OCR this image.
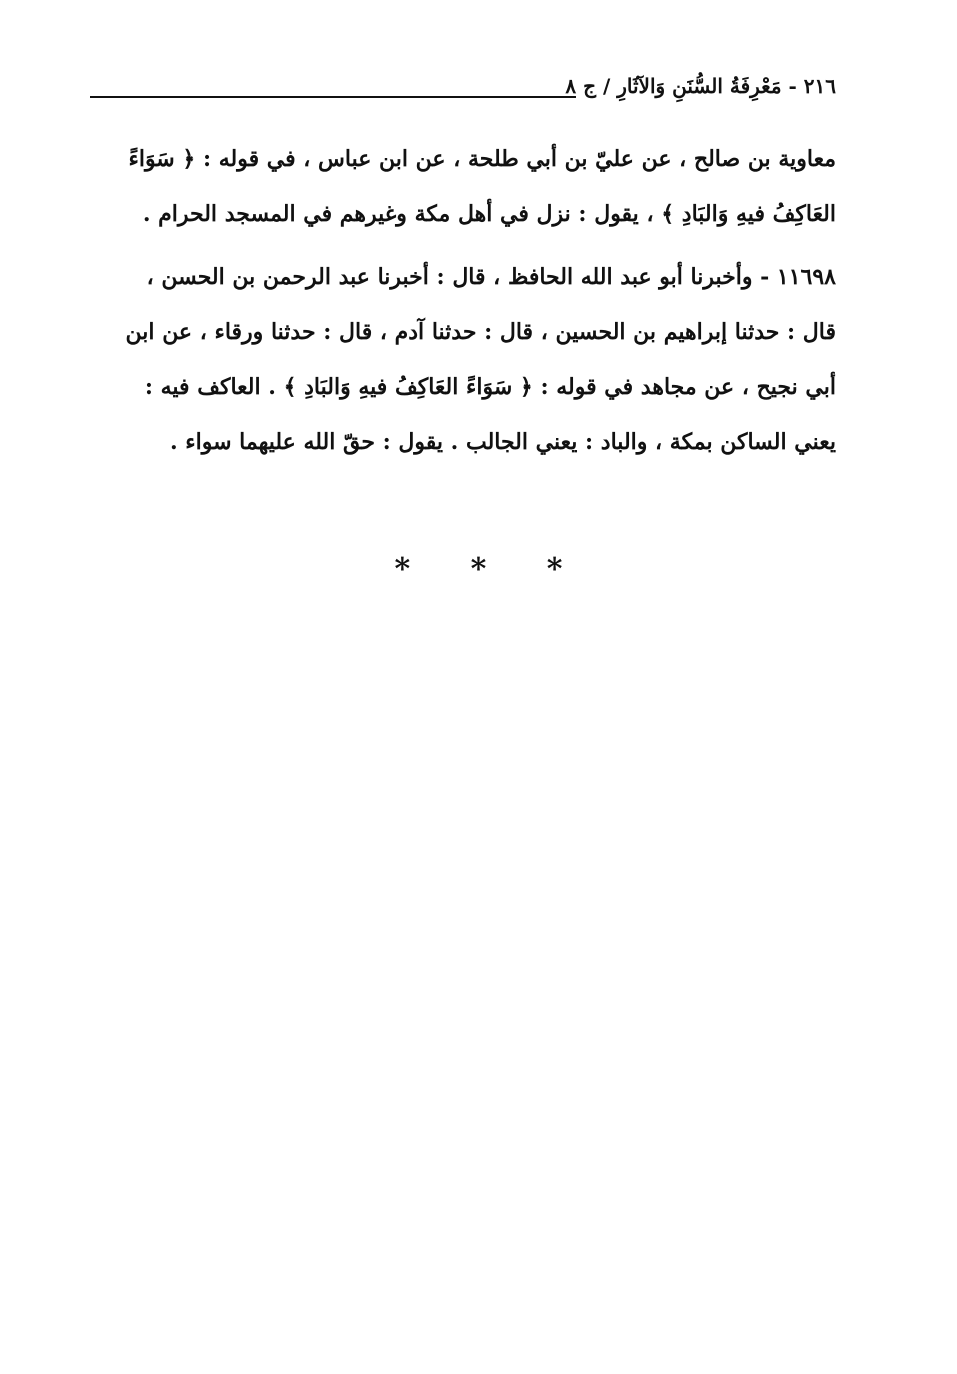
٢١٦ - مَعْرِفَةُ السُّنَنِ وَالآثَارِ / ج ٨
معاوية بن صالح ، عن عليّ بن أبي طلحة ، عن ابن عباس ، في قوله : ﴿ سَوَاءً
العَاكِفُ فيهِ وَالبَادِ ﴾ ، يقول : نزل في أهل مكة وغيرهم في المسجد الحرام .
١١٦٩٨ - وأخبرنا أبو عبد الله الحافظ ، قال : أخبرنا عبد الرحمن بن الحسن ،
قال : حدثنا إبراهيم بن الحسين ، قال : حدثنا آدم ، قال : حدثنا ورقاء ، عن ابن
أبي نجيح ، عن مجاهد في قوله : ﴿ سَوَاءً العَاكِفُ فيهِ وَالبَادِ ﴾ . العاكف فيه :
يعني الساكن بمكة ، والباد : يعني الجالب . يقول : حقّ الله عليهما سواء .
* * *
